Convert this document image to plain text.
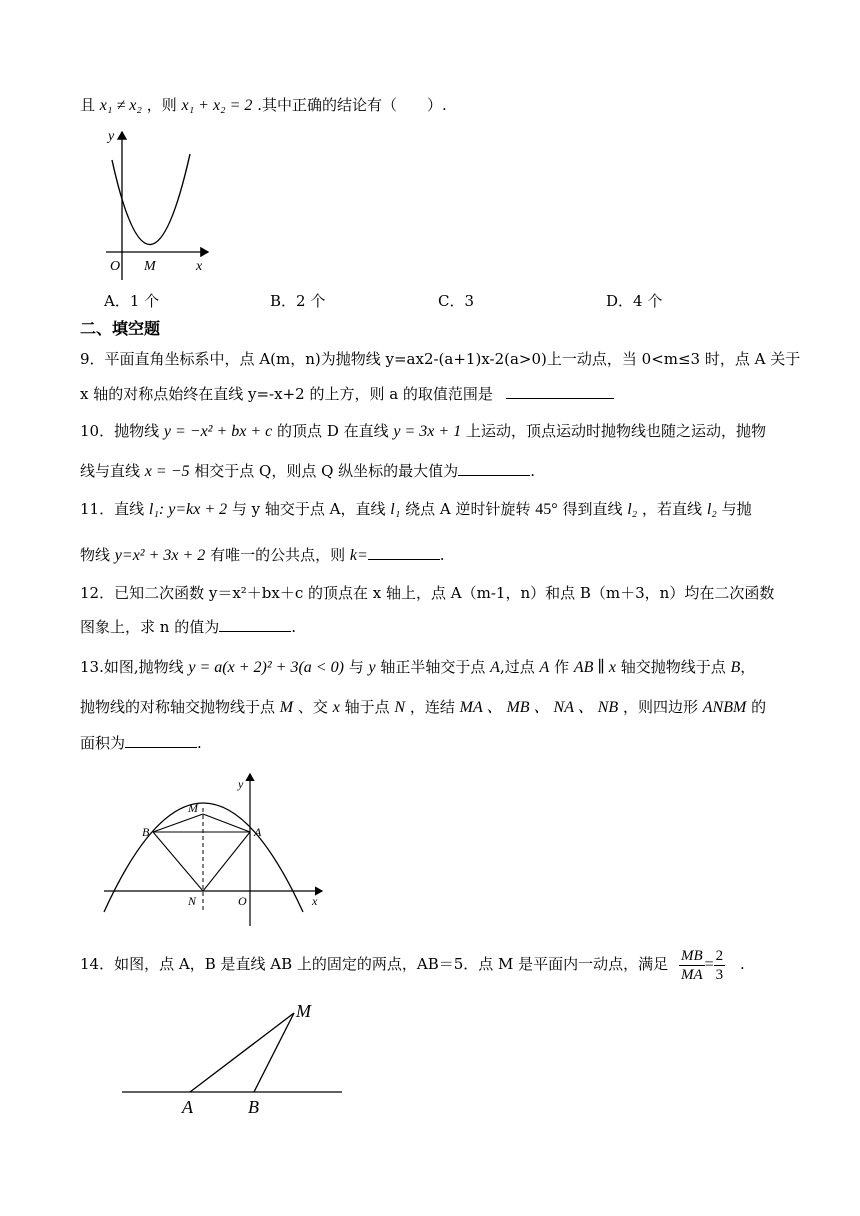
且 x₁ ≠ x₂ ，则 x₁ + x₂ = 2 .其中正确的结论有（　　）.
y
O M	x
A．1 个	B．2 个	C．3	D．4 个
二、填空题
9．平面直角坐标系中，点 A(m，n)为抛物线 y=ax2-(a+1)x-2(a>0)上一动点，当 0<m≤3 时，点 A 关于
x 轴的对称点始终在直线 y=-x+2 的上方，则 a 的取值范围是
10．抛物线 y = −x² + bx + c 的顶点 D 在直线 y = 3x + 1 上运动，顶点运动时抛物线也随之运动，抛物
线与直线 x = −5 相交于点 Q，则点 Q 纵坐标的最大值为	.
11．直线 l₁: y=kx + 2 与 y 轴交于点 A，直线 l₁ 绕点 A 逆时针旋转 45° 得到直线 l₂ ，若直线 l₂ 与抛
物线 y=x² + 3x + 2 有唯一的公共点，则 k=	.
12．已知二次函数 y＝x²＋bx＋c 的顶点在 x 轴上，点 A（m-1，n）和点 B（m＋3，n）均在二次函数
图象上，求 n 的值为	.
13.如图,抛物线 y = a(x + 2)² + 3(a < 0) 与 y 轴正半轴交于点 A,过点 A 作 AB ∥ x 轴交抛物线于点 B，
抛物线的对称轴交抛物线于点 M 、交 x 轴于点 N ，连结 MA 、 MB 、 NA 、 NB ，则四边形 ANBM 的
面积为	.
y
M
B	A
N	O	x
14．如图，点 A，B 是直线 AB 上的固定的两点，AB＝5．点 M 是平面内一动点，满足 $\frac{MB}{MA} = \frac{2}{3}$ .
M
A	B
